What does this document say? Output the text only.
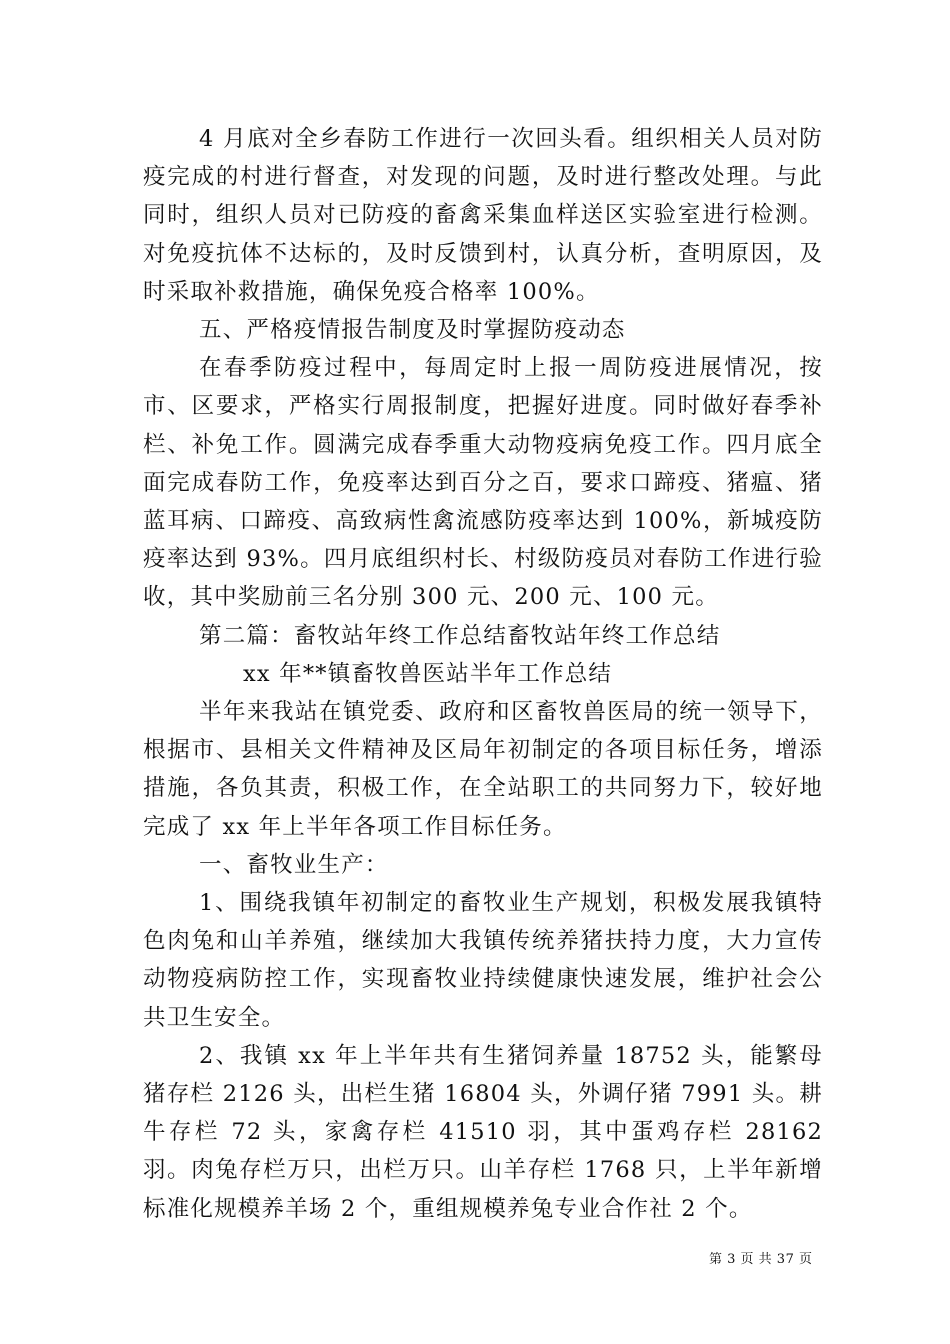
4 月底对全乡春防工作进行一次回头看。组织相关人员对防疫完成的村进行督查，对发现的问题，及时进行整改处理。与此同时，组织人员对已防疫的畜禽采集血样送区实验室进行检测。对免疫抗体不达标的，及时反馈到村，认真分析，查明原因，及时采取补救措施，确保免疫合格率 100%。

五、严格疫情报告制度及时掌握防疫动态

在春季防疫过程中，每周定时上报一周防疫进展情况，按市、区要求，严格实行周报制度，把握好进度。同时做好春季补栏、补免工作。圆满完成春季重大动物疫病免疫工作。四月底全面完成春防工作，免疫率达到百分之百，要求口蹄疫、猪瘟、猪蓝耳病、口蹄疫、高致病性禽流感防疫率达到 100%，新城疫防疫率达到 93%。四月底组织村长、村级防疫员对春防工作进行验收，其中奖励前三名分别 300 元、200 元、100 元。

第二篇：畜牧站年终工作总结畜牧站年终工作总结

xx 年**镇畜牧兽医站半年工作总结

半年来我站在镇党委、政府和区畜牧兽医局的统一领导下，根据市、县相关文件精神及区局年初制定的各项目标任务，增添措施，各负其责，积极工作，在全站职工的共同努力下，较好地完成了 xx 年上半年各项工作目标任务。

一、畜牧业生产：

1、围绕我镇年初制定的畜牧业生产规划，积极发展我镇特色肉兔和山羊养殖，继续加大我镇传统养猪扶持力度，大力宣传动物疫病防控工作，实现畜牧业持续健康快速发展，维护社会公共卫生安全。

2、我镇 xx 年上半年共有生猪饲养量 18752 头，能繁母猪存栏 2126 头，出栏生猪 16804 头，外调仔猪 7991 头。耕牛存栏 72 头，家禽存栏 41510 羽，其中蛋鸡存栏 28162 羽。肉兔存栏万只，出栏万只。山羊存栏 1768 只，上半年新增标准化规模养羊场 2 个，重组规模养兔专业合作社 2 个。

第 3 页 共 37 页
